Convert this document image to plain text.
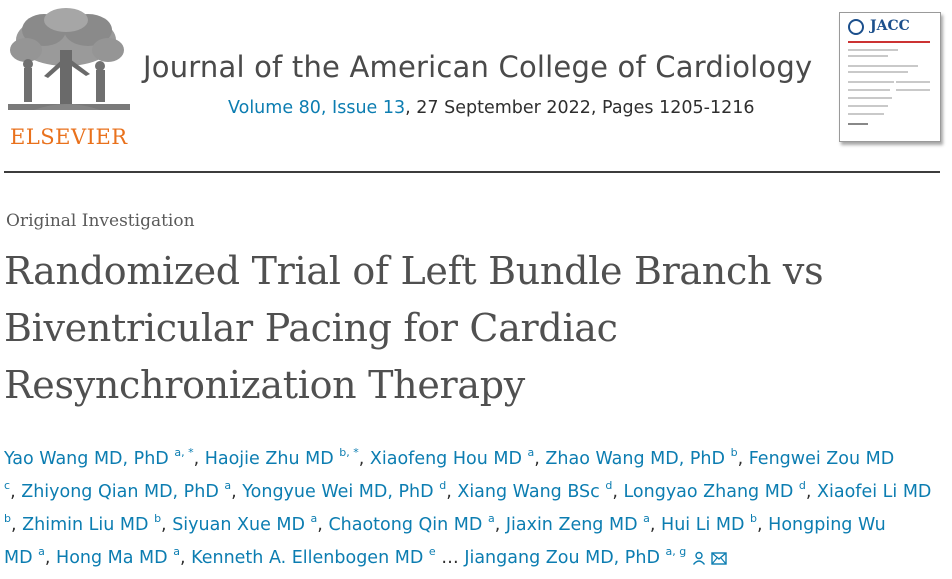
ELSEVIER
Journal of the American College of Cardiology
Volume 80, Issue 13, 27 September 2022, Pages 1205-1216
JACC
Original Investigation
Randomized Trial of Left Bundle Branch vs
Biventricular Pacing for Cardiac
Resynchronization Therapy
Yao Wang MD, PhD $^{a, *}$, Haojie Zhu MD $^{b, *}$, Xiaofeng Hou MD $^a$, Zhao Wang MD, PhD $^b$, Fengwei Zou MD
$^c$, Zhiyong Qian MD, PhD $^a$, Yongyue Wei MD, PhD $^d$, Xiang Wang BSc $^d$, Longyao Zhang MD $^d$, Xiaofei Li MD
$^b$, Zhimin Liu MD $^b$, Siyuan Xue MD $^a$, Chaotong Qin MD $^a$, Jiaxin Zeng MD $^a$, Hui Li MD $^b$, Hongping Wu
MD $^a$, Hong Ma MD $^a$, Kenneth A. Ellenbogen MD $^e$ … Jiangang Zou MD, PhD $^{a, g}$
